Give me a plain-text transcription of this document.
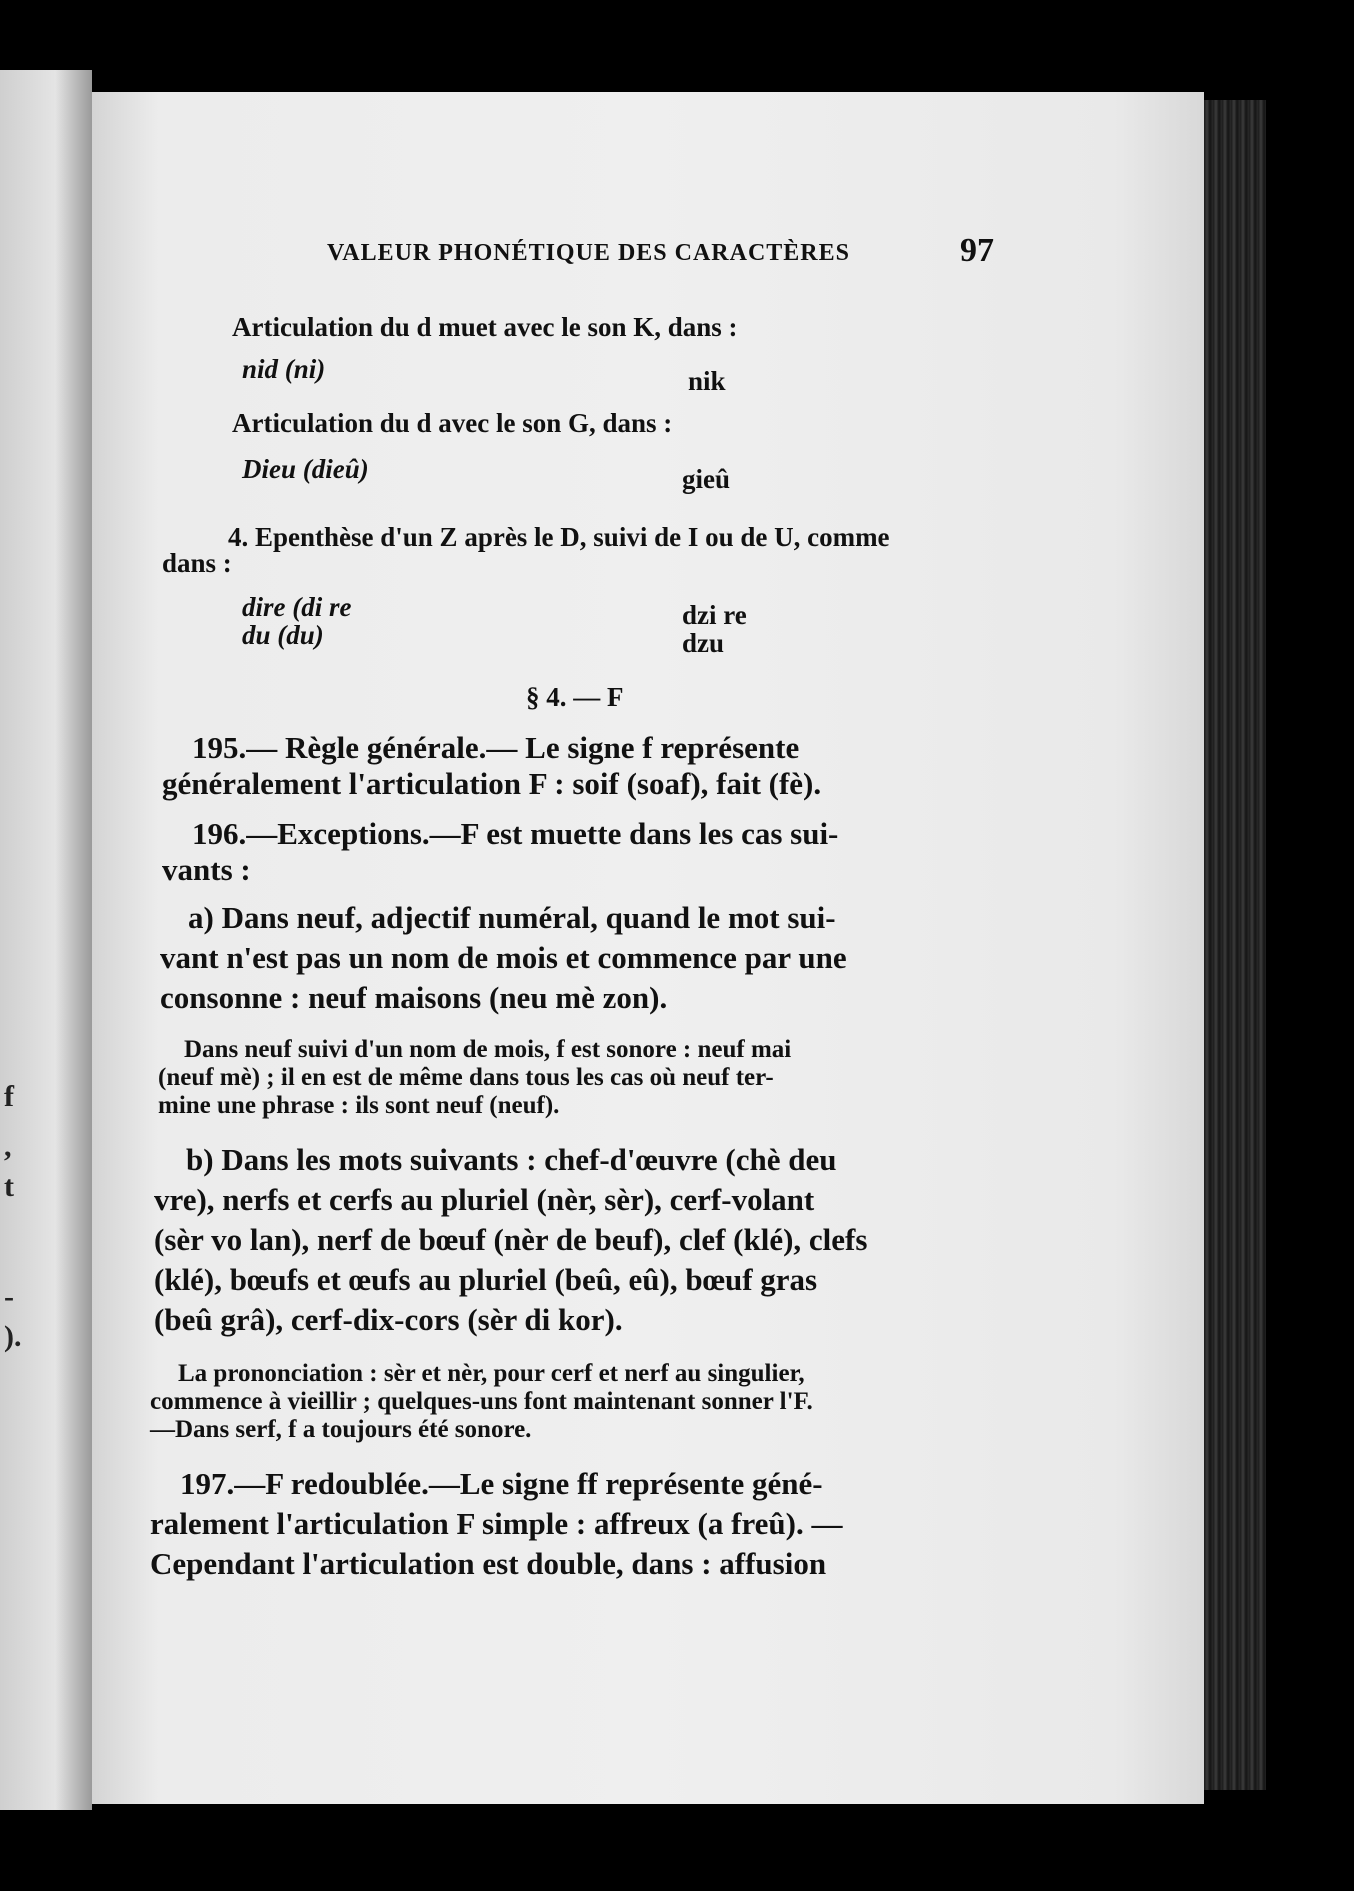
f
,
t
-
).
VALEUR PHONÉTIQUE DES CARACTÈRES	97
Articulation du d muet avec le son K, dans :
nid (ni)	nik
Articulation du d avec le son G, dans :
Dieu (dieû)	gieû
4. Epenthèse d'un Z après le D, suivi de I ou de U, comme
dans :
dire (di re	dzi re
du (du)	dzu
§ 4. — F
195.— Règle générale.— Le signe f représente
généralement l'articulation F : soif (soaf), fait (fè).
196.—Exceptions.—F est muette dans les cas sui-
vants :
a) Dans neuf, adjectif numéral, quand le mot sui-
vant n'est pas un nom de mois et commence par une
consonne : neuf maisons (neu mè zon).
Dans neuf suivi d'un nom de mois, f est sonore : neuf mai
(neuf mè) ; il en est de même dans tous les cas où neuf ter-
mine une phrase : ils sont neuf (neuf).
b) Dans les mots suivants : chef-d'œuvre (chè deu
vre), nerfs et cerfs au pluriel (nèr, sèr), cerf-volant
(sèr vo lan), nerf de bœuf (nèr de beuf), clef (klé), clefs
(klé), bœufs et œufs au pluriel (beû, eû), bœuf gras
(beû grâ), cerf-dix-cors (sèr di kor).
La prononciation : sèr et nèr, pour cerf et nerf au singulier,
commence à vieillir ; quelques-uns font maintenant sonner l'F.
—Dans serf, f a toujours été sonore.
197.—F redoublée.—Le signe ff représente géné-
ralement l'articulation F simple : affreux (a freû). —
Cependant l'articulation est double, dans : affusion
